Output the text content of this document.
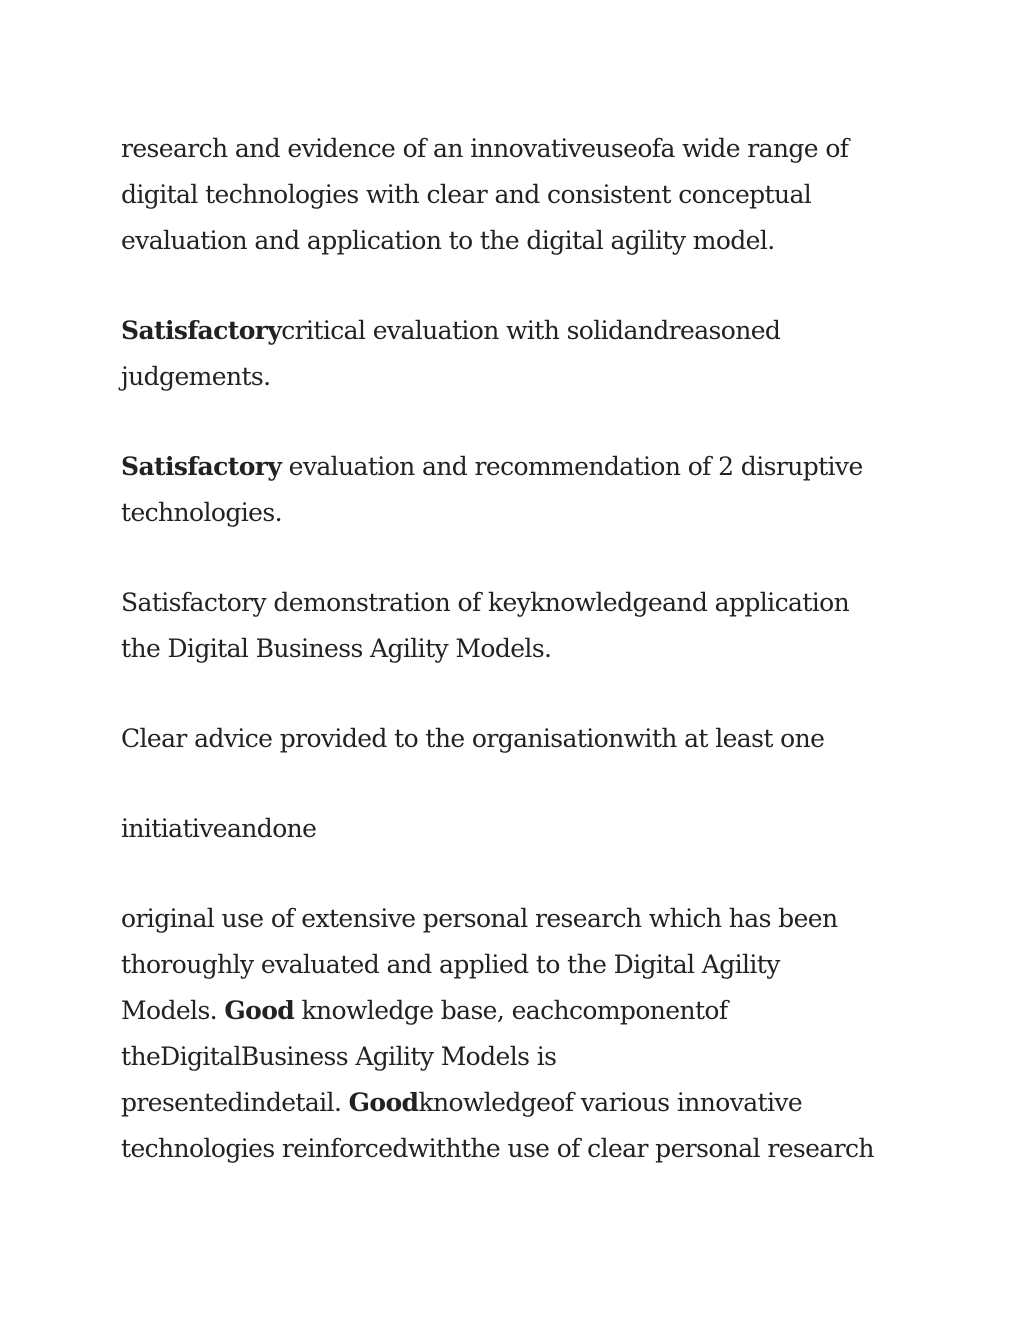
research and evidence of an innovativeuseofa wide range of
digital technologies with clear and consistent conceptual
evaluation and application to the digital agility model.
Satisfactorycritical evaluation with solidandreasoned
judgements.
Satisfactory evaluation and recommendation of 2 disruptive
technologies.
Satisfactory demonstration of keyknowledgeand application
the Digital Business Agility Models.
Clear advice provided to the organisationwith at least one
initiativeandone
original use of extensive personal research which has been
thoroughly evaluated and applied to the Digital Agility
Models. Good knowledge base, eachcomponentof
theDigitalBusiness Agility Models is
presentedindetail. Goodknowledgeof various innovative
technologies reinforcedwiththe use of clear personal research
